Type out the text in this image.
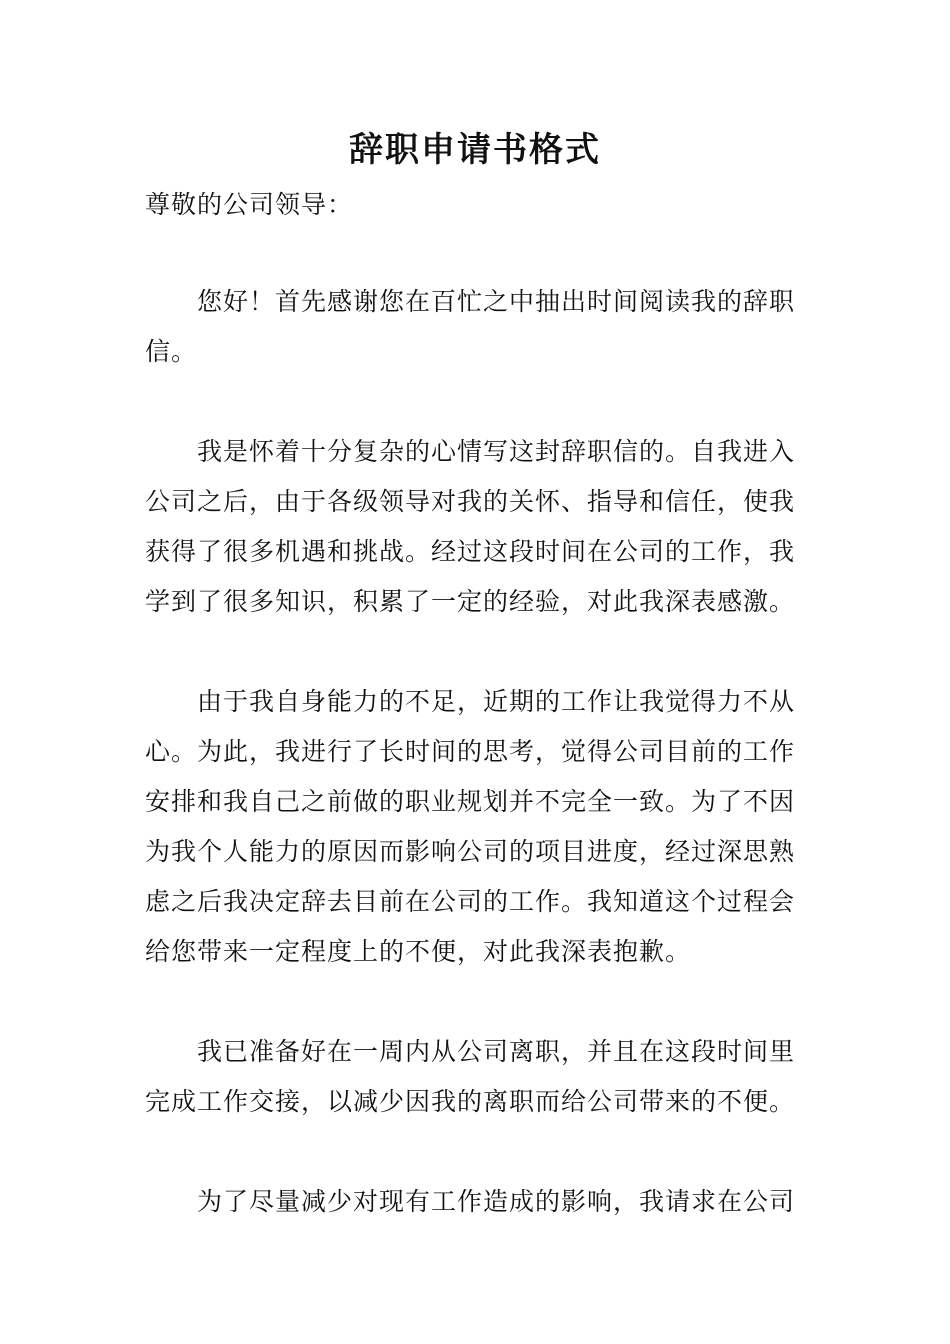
辞职申请书格式
尊敬的公司领导：

您好！首先感谢您在百忙之中抽出时间阅读我的辞职信。

我是怀着十分复杂的心情写这封辞职信的。自我进入公司之后，由于各级领导对我的关怀、指导和信任，使我获得了很多机遇和挑战。经过这段时间在公司的工作，我学到了很多知识，积累了一定的经验，对此我深表感激。

由于我自身能力的不足，近期的工作让我觉得力不从心。为此，我进行了长时间的思考，觉得公司目前的工作安排和我自己之前做的职业规划并不完全一致。为了不因为我个人能力的原因而影响公司的项目进度，经过深思熟虑之后我决定辞去目前在公司的工作。我知道这个过程会给您带来一定程度上的不便，对此我深表抱歉。

我已准备好在一周内从公司离职，并且在这段时间里完成工作交接，以减少因我的离职而给公司带来的不便。

为了尽量减少对现有工作造成的影响，我请求在公司
